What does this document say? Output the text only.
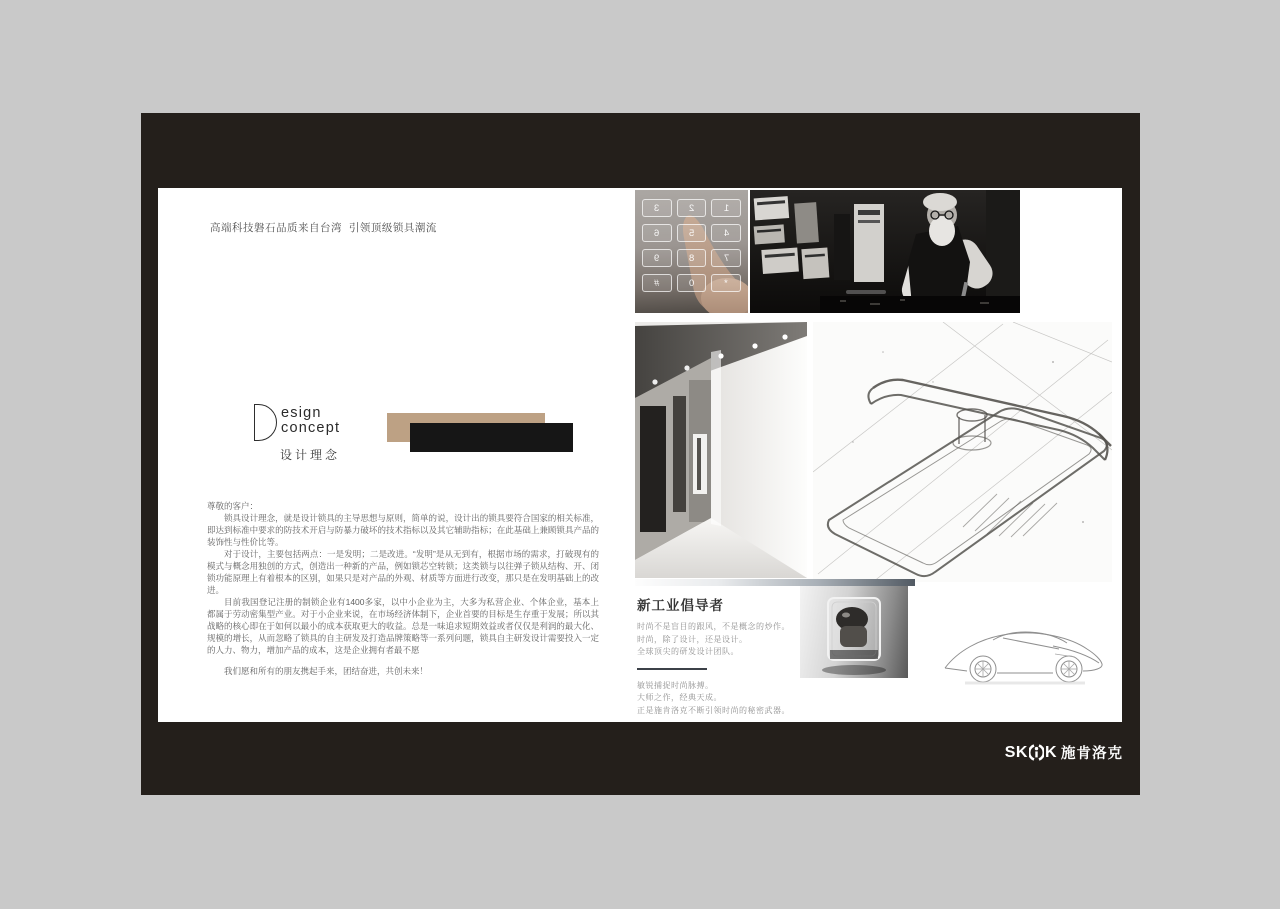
高端科技磐石品质来自台湾  引领顶级锁具潮流
esign
concept
设计理念

尊敬的客户：

锁具设计理念，就是设计锁具的主导思想与原则，简单的说，设计出的锁具要符合国家的相关标准，即达到标准中要求的防技术开启与防暴力破坏的技术指标以及其它辅助指标；在此基础上兼顾锁具产品的装饰性与性价比等。

对于设计，主要包括两点：一是发明；二是改进。“发明”是从无到有，根据市场的需求，打破现有的模式与概念用独创的方式，创造出一种新的产品，例如锁芯空转锁；这类锁与以往弹子锁从结构、开、闭锁功能原理上有着根本的区别，如果只是对产品的外观、材质等方面进行改变，那只是在发明基础上的改进。

目前我国登记注册的制锁企业有1400多家，以中小企业为主，大多为私营企业、个体企业，基本上都属于劳动密集型产业。对于小企业来说，在市场经济体制下，企业首要的目标是生存重于发展；所以其战略的核心即在于如何以最小的成本获取更大的收益。总是一味追求短期效益或者仅仅是利润的最大化、规模的增长，从而忽略了锁具的自主研发及打造品牌策略等一系列问题，锁具自主研发设计需要投入一定的人力、物力，增加产品的成本，这是企业拥有者最不愿

我们愿和所有的朋友携起手来，团结奋进，共创未来！

3	2	1
6	5	4
9	8	7
#	0	*
新工业倡导者
时尚不是盲目的跟风，不是概念的炒作。
时尚，除了设计，还是设计。
全球顶尖的研发设计团队。
敏锐捕捉时尚脉搏。
大师之作，经典天成。
正是施肯洛克不断引领时尚的秘密武器。
SK K 施肯洛克
